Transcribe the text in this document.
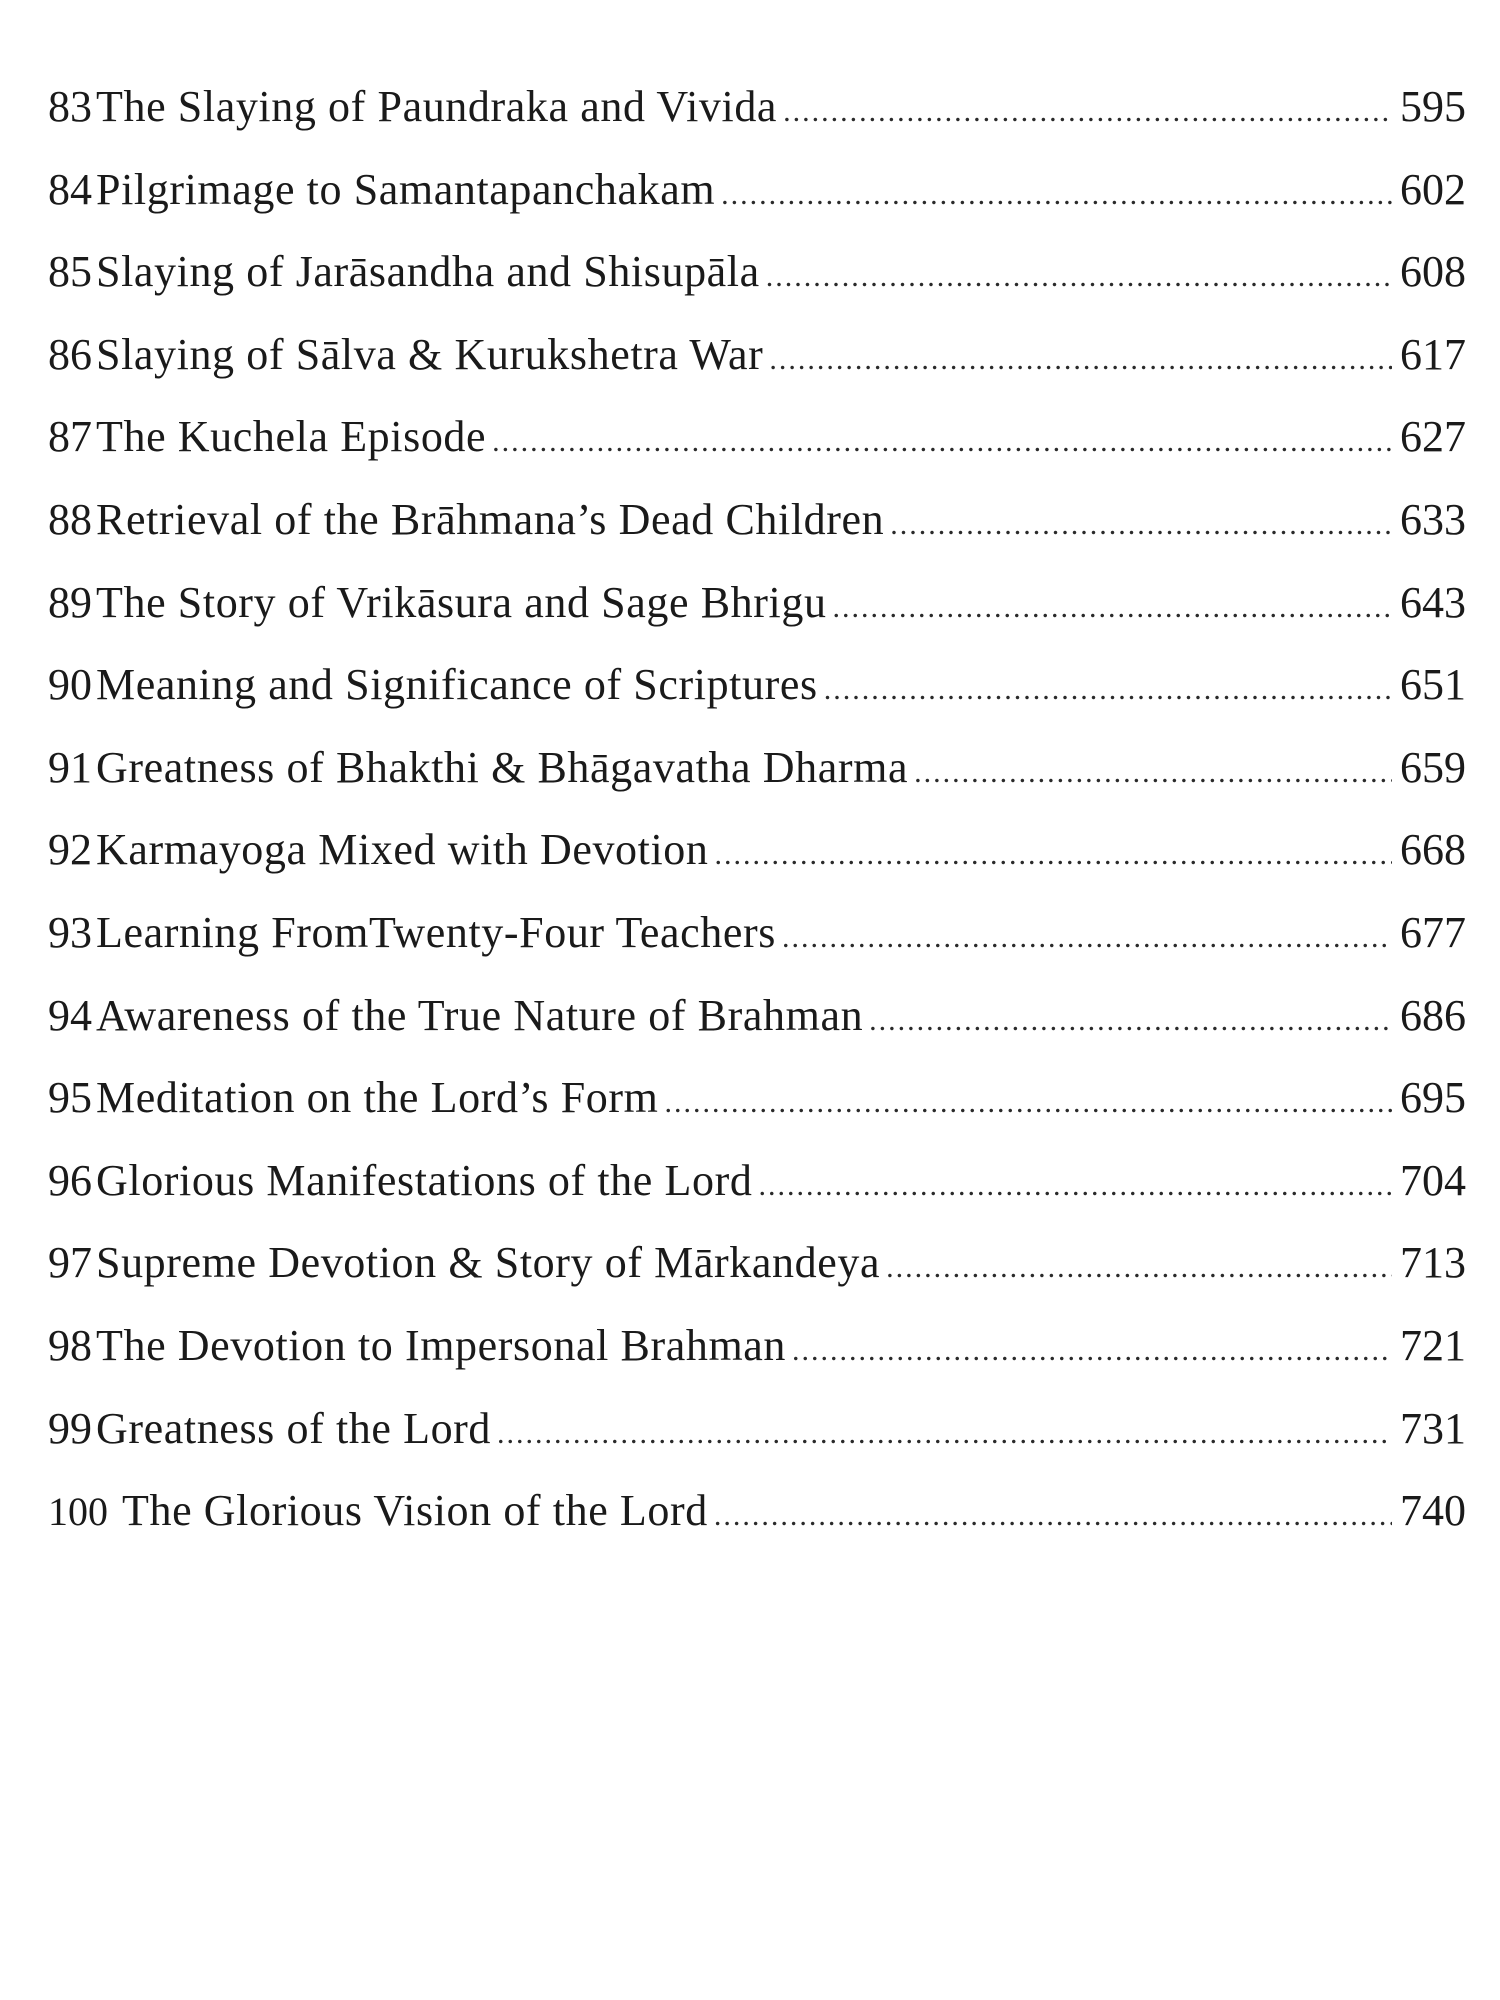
83 The Slaying of Paundraka and Vivida .....	595
84 Pilgrimage to Samantapanchakam .....	602
85 Slaying of Jarāsandha and Shisupāla .....	608
86 Slaying of Sālva & Kurukshetra War .....	617
87 The Kuchela Episode .....	627
88 Retrieval of the Brāhmana’s Dead Children .....	633
89 The Story of Vrikāsura and Sage Bhrigu .....	643
90 Meaning and Significance of Scriptures .....	651
91 Greatness of Bhakthi & Bhāgavatha Dharma .....	659
92 Karmayoga Mixed with Devotion .....	668
93 Learning FromTwenty-Four Teachers .....	677
94 Awareness of the True Nature of Brahman .....	686
95 Meditation on the Lord’s Form .....	695
96 Glorious Manifestations of the Lord .....	704
97 Supreme Devotion & Story of Mārkandeya .....	713
98 The Devotion to Impersonal Brahman .....	721
99 Greatness of the Lord .....	731
100 The Glorious Vision of the Lord .....	740
